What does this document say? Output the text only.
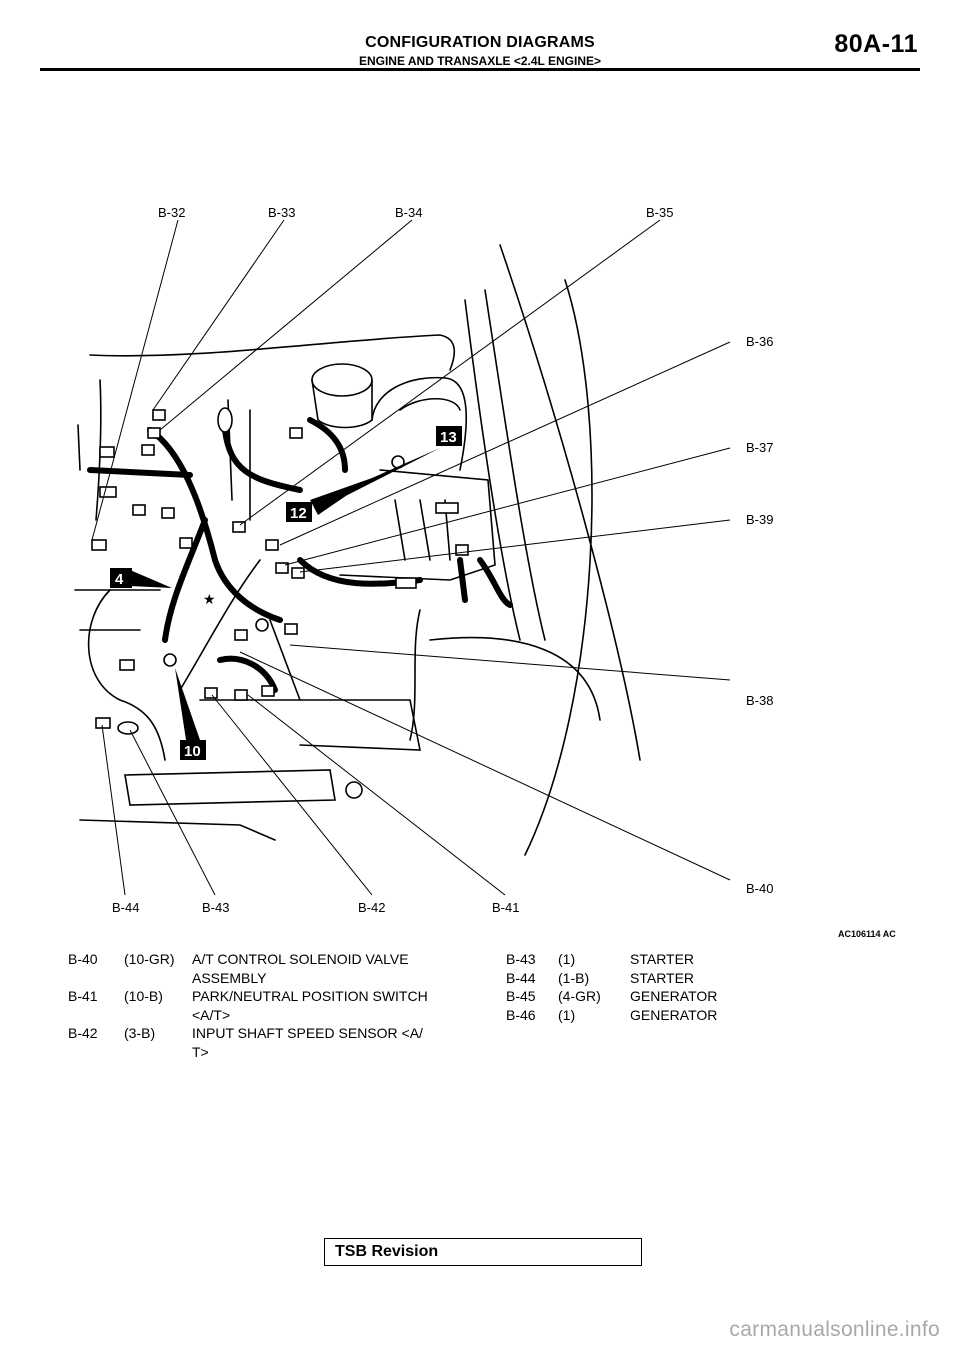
CONFIGURATION DIAGRAMS
ENGINE AND TRANSAXLE <2.4L ENGINE>
80A-11
13
12
4
10
★
B-32	B-33	B-34	B-35
B-36
B-37
B-39
B-38
B-40
B-41
B-42
B-43
B-44
AC106114 AC
B-40 (10-GR) A/T CONTROL SOLENOID VALVE
ASSEMBLY
B-41 (10-B) PARK/NEUTRAL POSITION SWITCH
<A/T>
B-42 (3-B)	INPUT SHAFT SPEED SENSOR <A/
T>
B-43 (1)	STARTER
B-44 (1-B)	STARTER
B-45 (4-GR) GENERATOR
B-46 (1)	GENERATOR
TSB Revision
carmanualsonline.info
